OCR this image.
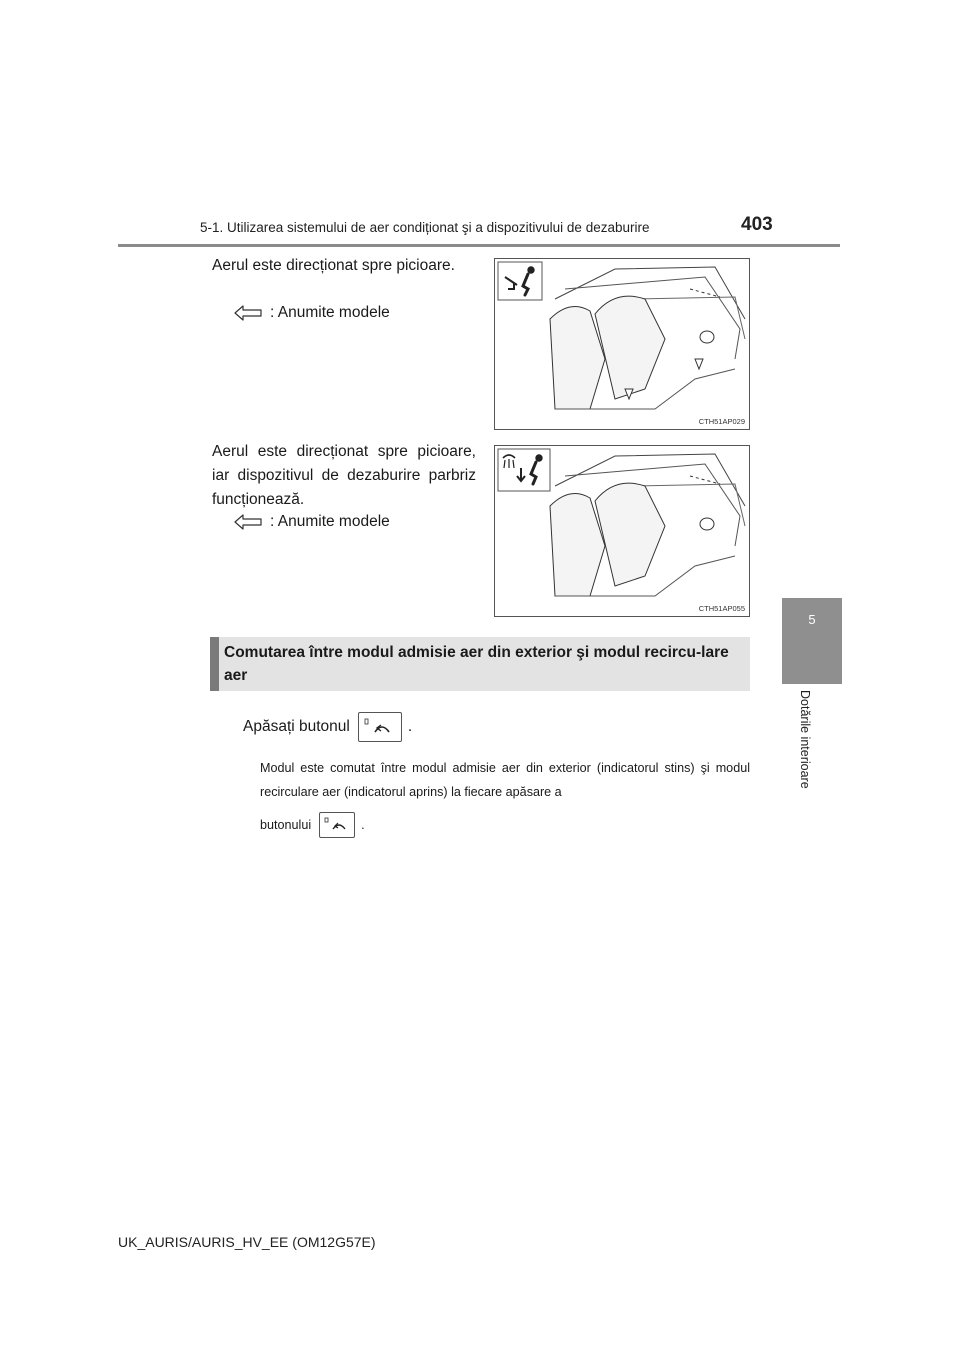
5-1. Utilizarea sistemului de aer condiționat şi a dispozitivului de dezaburire	403
5
Dotările interioare
Aerul este direcționat spre picioare.
: Anumite modele
CTH51AP029
Aerul este direcționat spre picioare, iar dispozitivul de dezaburire parbriz funcționează.
: Anumite modele
CTH51AP055
Comutarea între modul admisie aer din exterior şi modul recircu-lare aer
Apăsați butonul	.
Modul este comutat între modul admisie aer din exterior (indicatorul stins) şi modul recirculare aer (indicatorul aprins) la fiecare apăsare a
butonului	.
UK_AURIS/AURIS_HV_EE (OM12G57E)
